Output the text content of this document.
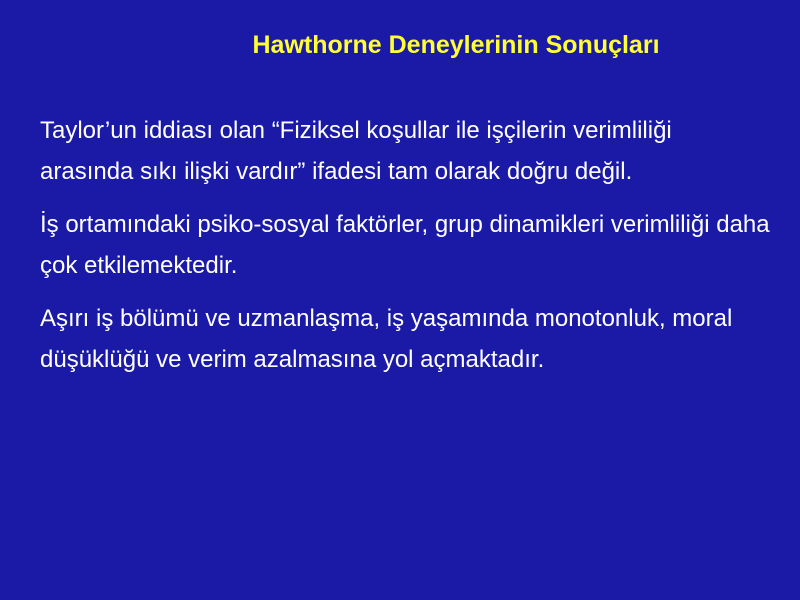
Hawthorne Deneylerinin Sonuçları

Taylor’un iddiası olan “Fiziksel koşullar ile işçilerin verimliliği arasında sıkı ilişki vardır” ifadesi tam olarak doğru değil.

İş ortamındaki psiko-sosyal faktörler, grup dinamikleri verimliliği daha çok etkilemektedir.

Aşırı iş bölümü ve uzmanlaşma, iş yaşamında monotonluk, moral düşüklüğü ve verim azalmasına yol açmaktadır.
